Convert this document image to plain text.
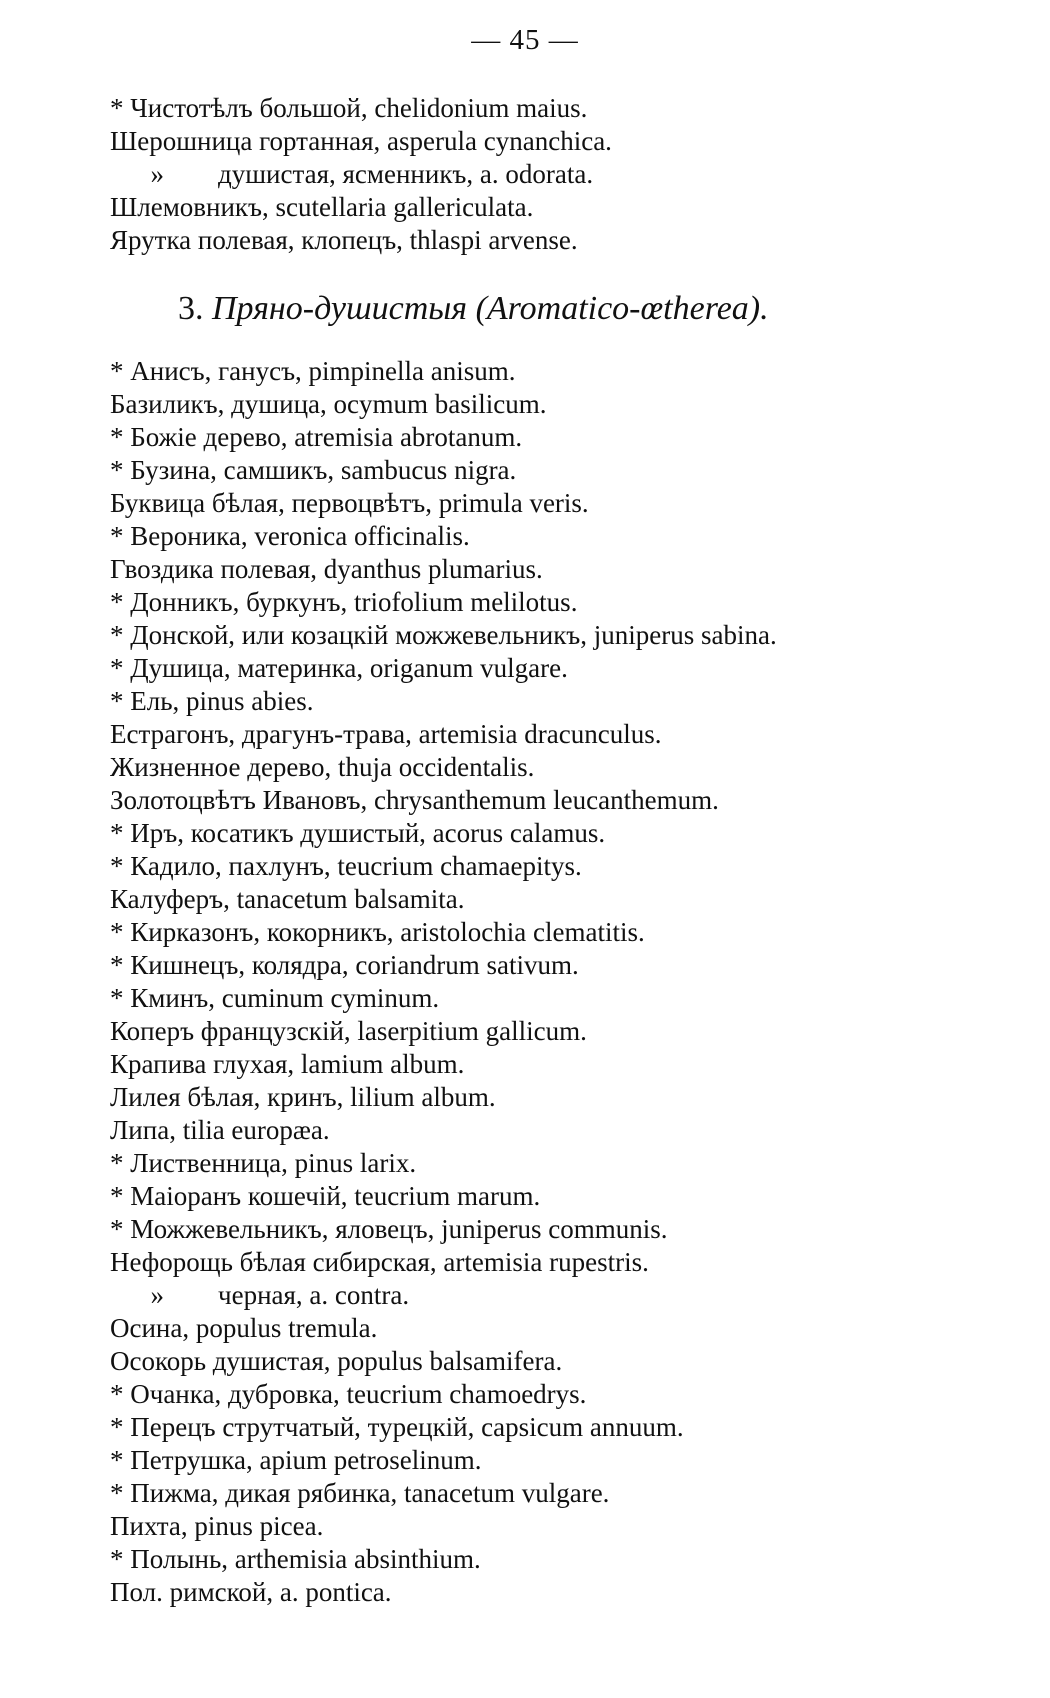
— 45 —
* Чистотѣлъ большой, chelidonium maius.
Шерошница гортанная, asperula cynanchica.
»        душистая, ясменникъ, a. odorata.
Шлемовникъ, scutellaria gallericulata.
Ярутка полевая, клопецъ, thlaspi arvense.
3. Пряно-душистыя (Aromatico-œtherea).
* Анисъ, ганусъ, pimpinella anisum.
Базиликъ, душица, ocymum basilicum.
* Божіе дерево, atremisia abrotanum.
* Бузина, самшикъ, sambucus nigra.
Буквица бѣлая, первоцвѣтъ, primula veris.
* Вероника, veronica officinalis.
Гвоздика полевая, dyanthus plumarius.
* Донникъ, буркунъ, triofolium melilotus.
* Донской, или козацкій можжевельникъ, juniperus sabina.
* Душица, материнка, origanum vulgare.
* Ель, pinus abies.
Естрагонъ, драгунъ-трава, artemisia dracunculus.
Жизненное дерево, thuja occidentalis.
Золотоцвѣтъ Ивановъ, chrysanthemum leucanthemum.
* Иръ, косатикъ душистый, acorus calamus.
* Кадило, пахлунъ, teucrium chamaepitys.
Калуферъ, tanacetum balsamita.
* Кирказонъ, кокорникъ, aristolochia clematitis.
* Кишнецъ, колядра, coriandrum sativum.
* Кминъ, cuminum cyminum.
Коперъ французскій, laserpitium gallicum.
Крапива глухая, lamium album.
Лилея бѣлая, кринъ, lilium album.
Липа, tilia europæa.
* Лиственница, pinus larix.
* Маіоранъ кошечій, teucrium marum.
* Можжевельникъ, яловецъ, juniperus communis.
Нефорощь бѣлая сибирская, artemisia rupestris.
»        черная, a. contra.
Осина, populus tremula.
Осокорь душистая, populus balsamifera.
* Очанка, дубровка, teucrium chamoedrys.
* Перецъ струтчатый, турецкій, capsicum annuum.
* Петрушка, apium petroselinum.
* Пижма, дикая рябинка, tanacetum vulgare.
Пихта, pinus picea.
* Полынь, arthemisia absinthium.
Пол. римской, a. pontica.
